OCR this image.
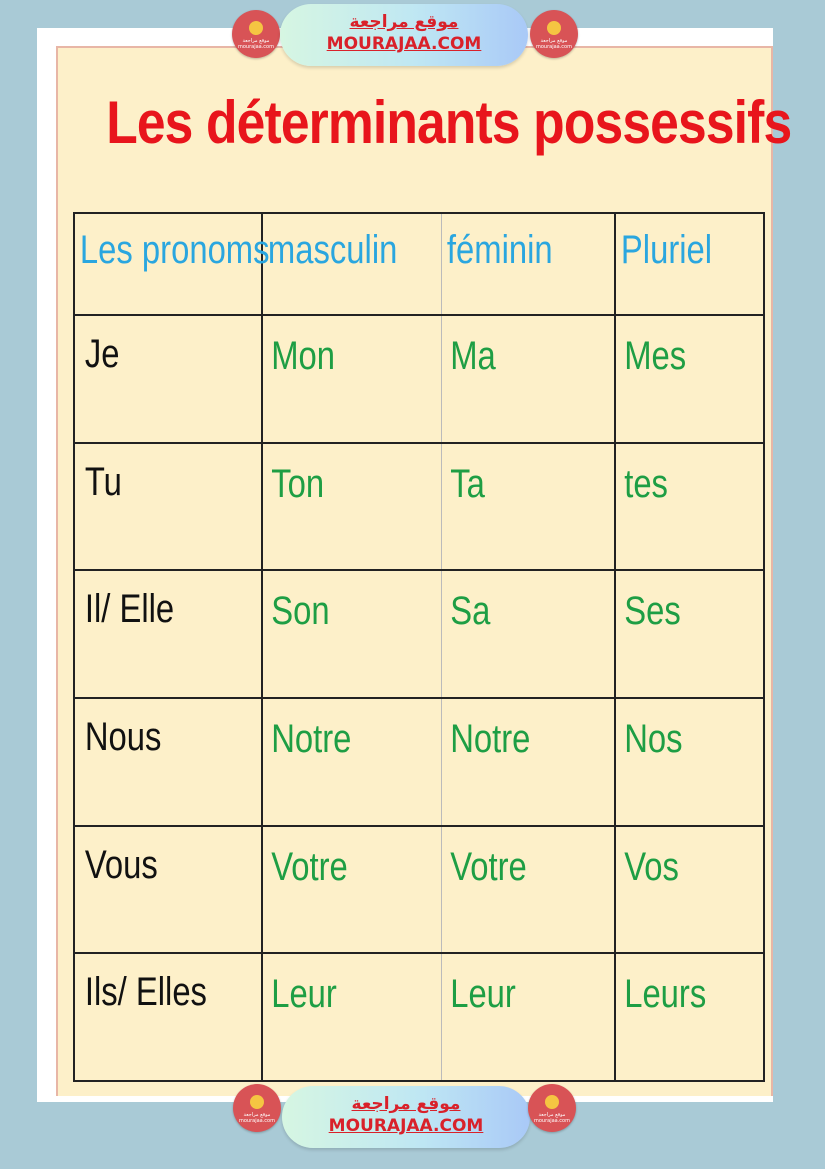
موقع مراجعة
mourajaa.com
موقع مراجعة
MOURAJAA.COM	موقع مراجعة
mourajaa.com
Les déterminants possessifs
Les pronoms	masculin	féminin	Pluriel

Je	Mon	Ma	Mes

Tu	Ton	Ta	tes

Il/ Elle	Son	Sa	Ses

Nous	Notre	Notre	Nos

Vous	Votre	Votre	Vos

Ils/ Elles	Leur	Leur	Leurs
موقع مراجعة
mourajaa.com
موقع مراجعة
MOURAJAA.COM
موقع مراجعة
mourajaa.com
